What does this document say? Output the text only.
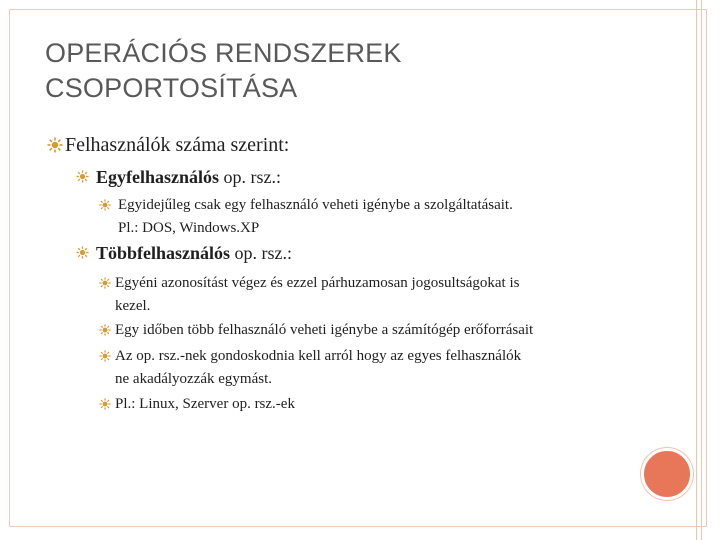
OPERÁCIÓS RENDSZEREK
CSOPORTOSÍTÁSA
Felhasználók száma szerint:
Egyfelhasználós op. rsz.:
Egyidejűleg csak egy felhasználó veheti igénybe a szolgáltatásait.
Pl.: DOS, Windows.XP
Többfelhasználós op. rsz.:
Egyéni azonosítást végez és ezzel párhuzamosan jogosultságokat is
kezel.
Egy időben több felhasználó veheti igénybe a számítógép erőforrásait
Az op. rsz.-nek gondoskodnia kell arról hogy az egyes felhasználók
ne akadályozzák egymást.
Pl.: Linux, Szerver op. rsz.-ek
